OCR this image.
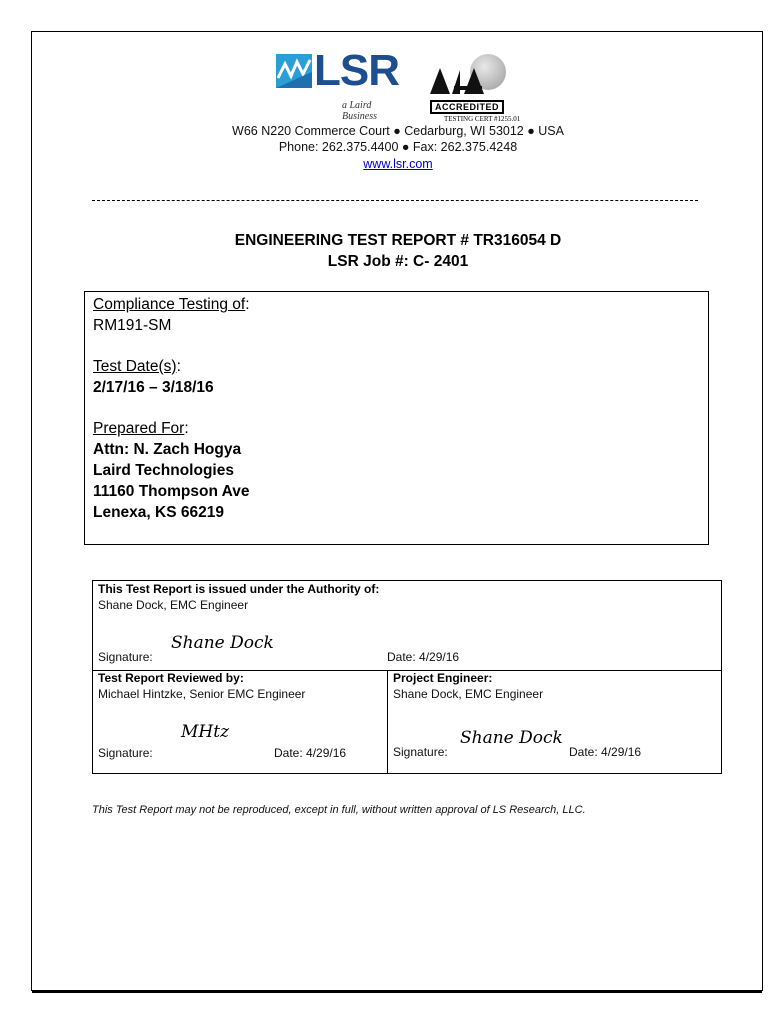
LSR
a Laird Business
ACCREDITED
TESTING CERT #1255.01
W66 N220 Commerce Court ● Cedarburg, WI 53012 ● USA
Phone: 262.375.4400 ● Fax: 262.375.4248
www.lsr.com
ENGINEERING TEST REPORT # TR316054 D
LSR Job #: C- 2401
Compliance Testing of:
RM191-SM
Test Date(s):
2/17/16 – 3/18/16
Prepared For:
Attn: N. Zach Hogya
Laird Technologies
11160 Thompson Ave
Lenexa, KS 66219
This Test Report is issued under the Authority of:
Shane Dock, EMC Engineer
Signature:
Shane Dock
Date: 4/29/16
Test Report Reviewed by:
Michael Hintzke, Senior EMC Engineer
Signature:
MHtz
Date: 4/29/16
Project Engineer:
Shane Dock, EMC Engineer
Signature:
Shane Dock
Date: 4/29/16
This Test Report may not be reproduced, except in full, without written approval of LS Research, LLC.
